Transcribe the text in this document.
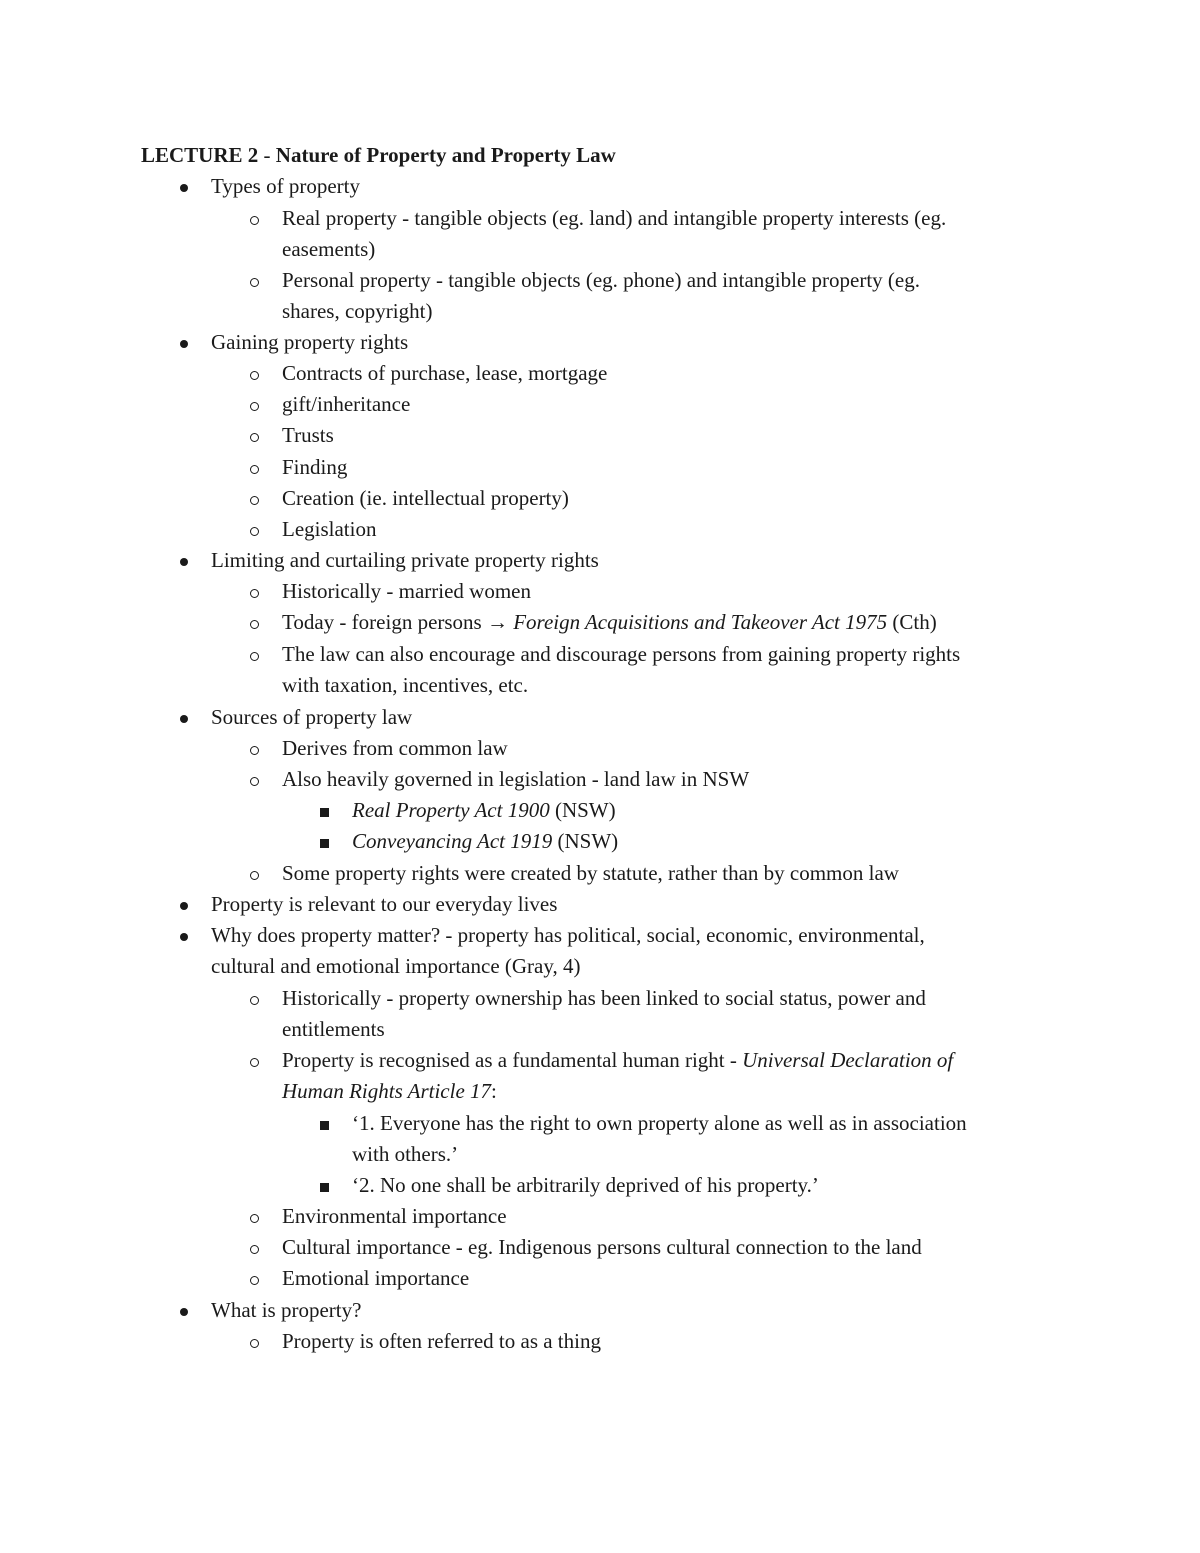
LECTURE 2 - Nature of Property and Property Law
Types of property
Real property - tangible objects (eg. land) and intangible property interests (eg.
easements)
Personal property - tangible objects (eg. phone) and intangible property (eg.
shares, copyright)
Gaining property rights
Contracts of purchase, lease, mortgage
gift/inheritance
Trusts
Finding
Creation (ie. intellectual property)
Legislation
Limiting and curtailing private property rights
Historically - married women
Today - foreign persons → Foreign Acquisitions and Takeover Act 1975 (Cth)
The law can also encourage and discourage persons from gaining property rights
with taxation, incentives, etc.
Sources of property law
Derives from common law
Also heavily governed in legislation - land law in NSW
Real Property Act 1900 (NSW)
Conveyancing Act 1919 (NSW)
Some property rights were created by statute, rather than by common law
Property is relevant to our everyday lives
Why does property matter? - property has political, social, economic, environmental,
cultural and emotional importance (Gray, 4)
Historically - property ownership has been linked to social status, power and
entitlements
Property is recognised as a fundamental human right - Universal Declaration of
Human Rights Article 17:
‘1. Everyone has the right to own property alone as well as in association
with others.’
‘2. No one shall be arbitrarily deprived of his property.’
Environmental importance
Cultural importance - eg. Indigenous persons cultural connection to the land
Emotional importance
What is property?
Property is often referred to as a thing
